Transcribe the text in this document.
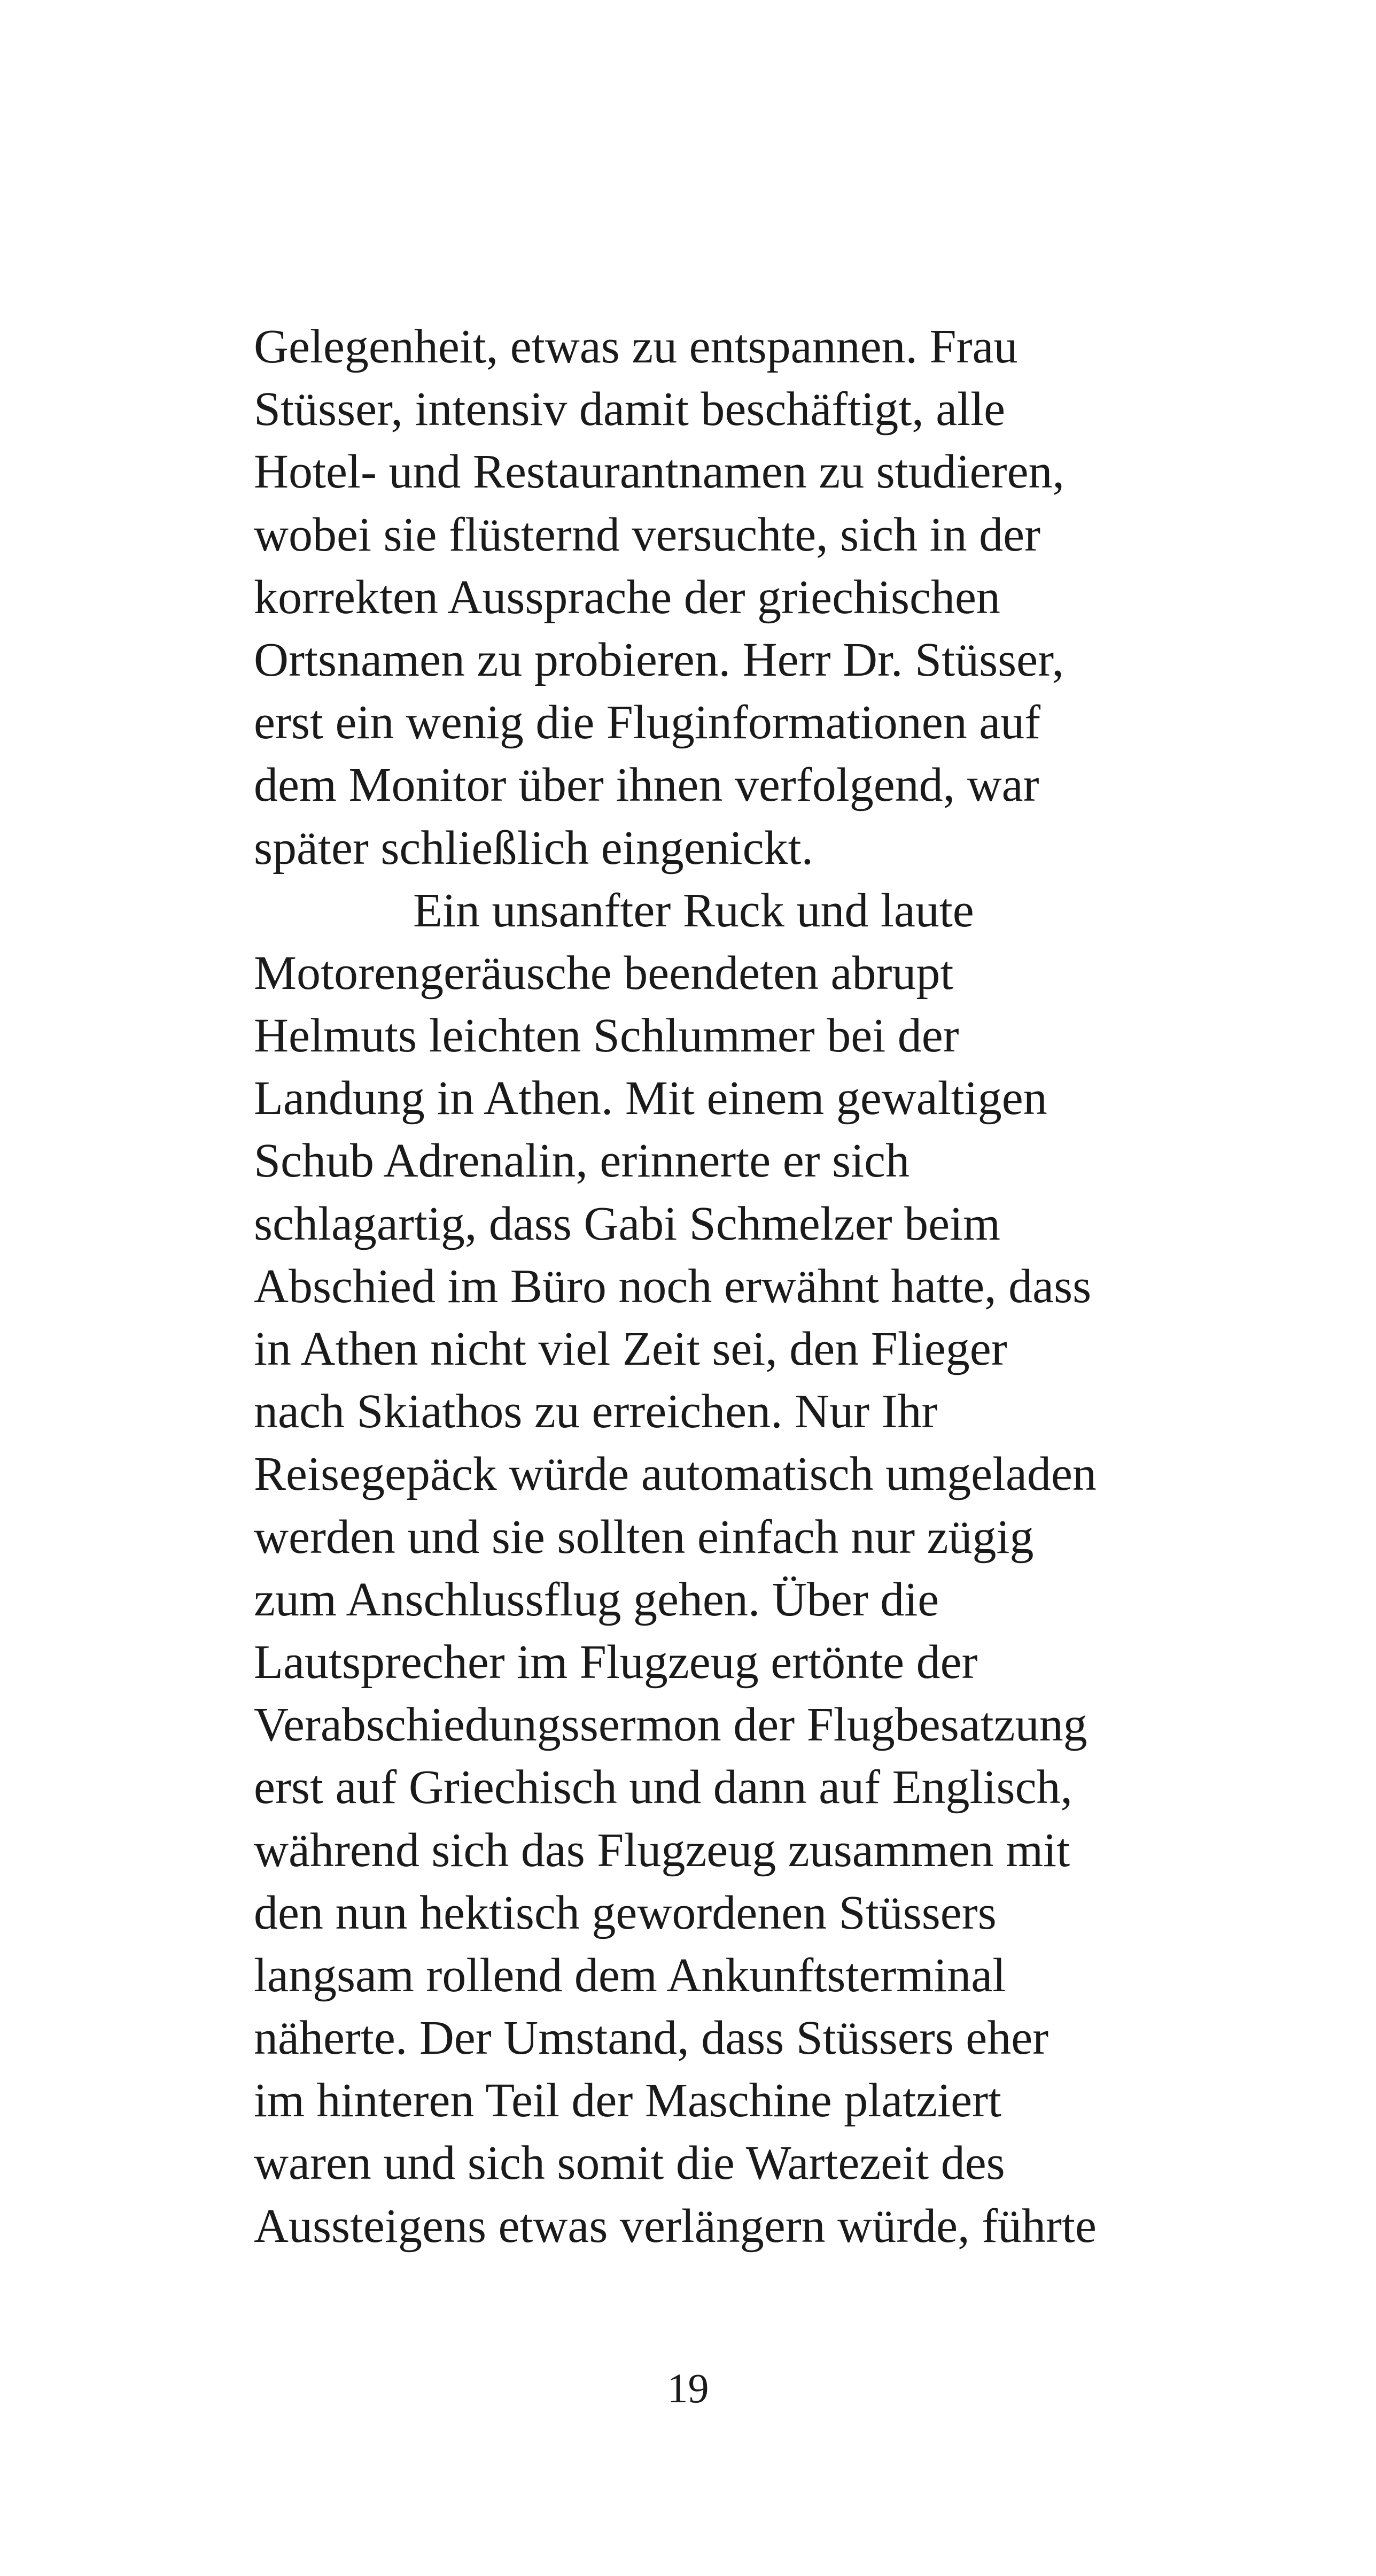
Gelegenheit, etwas zu entspannen. Frau
Stüsser, intensiv damit beschäftigt, alle
Hotel- und Restaurantnamen zu studieren,
wobei sie flüsternd versuchte, sich in der
korrekten Aussprache der griechischen
Ortsnamen zu probieren. Herr Dr. Stüsser,
erst ein wenig die Fluginformationen auf
dem Monitor über ihnen verfolgend, war
später schließlich eingenickt.
Ein unsanfter Ruck und laute
Motorengeräusche beendeten abrupt
Helmuts leichten Schlummer bei der
Landung in Athen. Mit einem gewaltigen
Schub Adrenalin, erinnerte er sich
schlagartig, dass Gabi Schmelzer beim
Abschied im Büro noch erwähnt hatte, dass
in Athen nicht viel Zeit sei, den Flieger
nach Skiathos zu erreichen. Nur Ihr
Reisegepäck würde automatisch umgeladen
werden und sie sollten einfach nur zügig
zum Anschlussflug gehen. Über die
Lautsprecher im Flugzeug ertönte der
Verabschiedungssermon der Flugbesatzung
erst auf Griechisch und dann auf Englisch,
während sich das Flugzeug zusammen mit
den nun hektisch gewordenen Stüssers
langsam rollend dem Ankunftsterminal
näherte. Der Umstand, dass Stüssers eher
im hinteren Teil der Maschine platziert
waren und sich somit die Wartezeit des
Aussteigens etwas verlängern würde, führte
19
